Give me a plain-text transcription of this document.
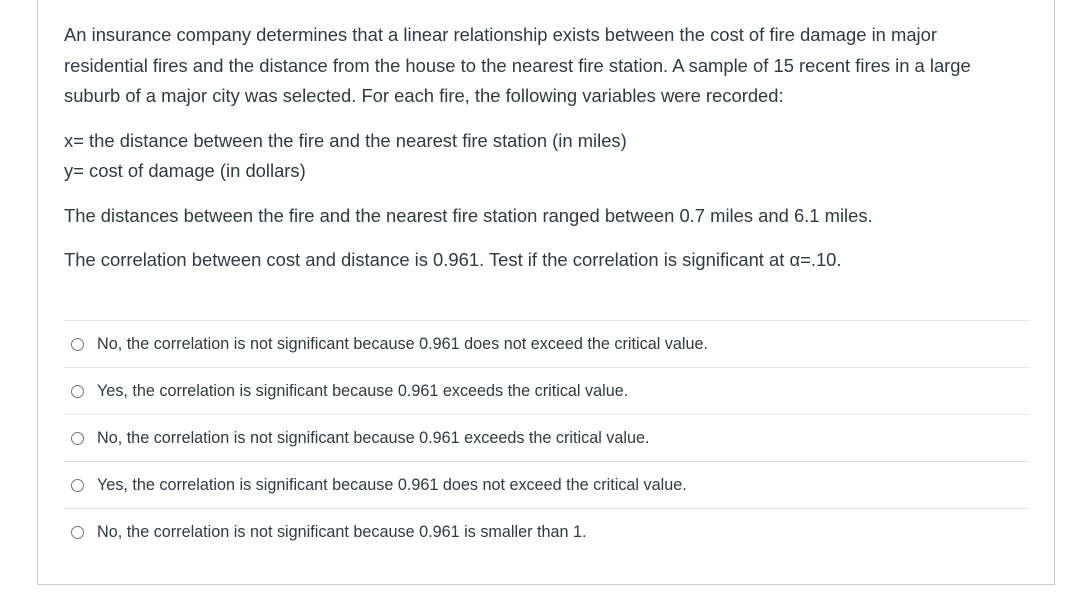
An insurance company determines that a linear relationship exists between the cost of fire damage in major residential fires and the distance from the house to the nearest fire station. A sample of 15 recent fires in a large suburb of a major city was selected. For each fire, the following variables were recorded:

x= the distance between the fire and the nearest fire station (in miles)
y= cost of damage (in dollars)

The distances between the fire and the nearest fire station ranged between 0.7 miles and 6.1 miles.

The correlation between cost and distance is 0.961. Test if the correlation is significant at α=.10.

No, the correlation is not significant because 0.961 does not exceed the critical value.
Yes, the correlation is significant because 0.961 exceeds the critical value.
No, the correlation is not significant because 0.961 exceeds the critical value.
Yes, the correlation is significant because 0.961 does not exceed the critical value.
No, the correlation is not significant because 0.961 is smaller than 1.
